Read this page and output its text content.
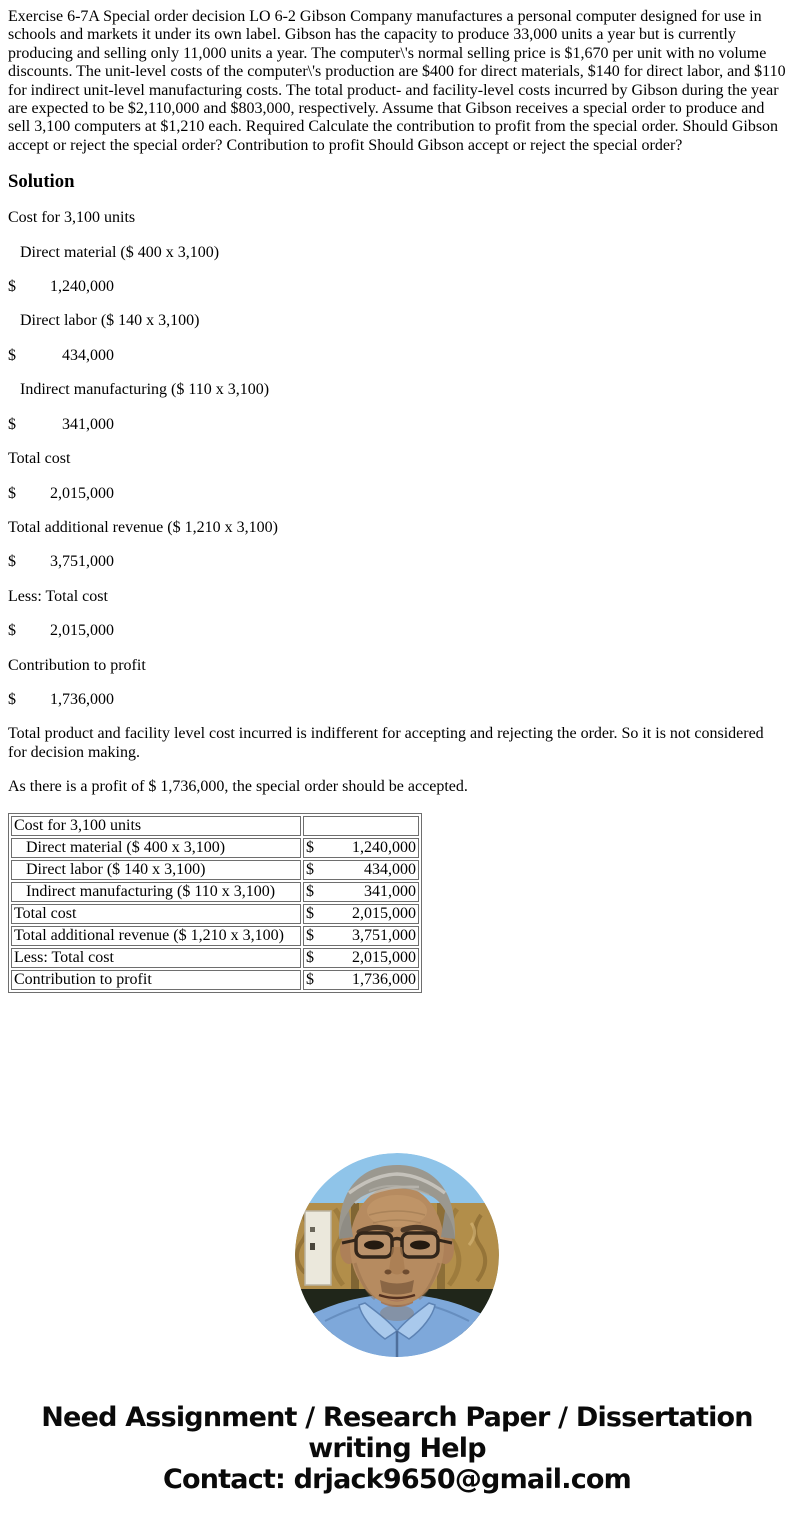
Exercise 6-7A Special order decision LO 6-2 Gibson Company manufactures a personal computer designed for use in schools and markets it under its own label. Gibson has the capacity to produce 33,000 units a year but is currently producing and selling only 11,000 units a year. The computer\'s normal selling price is $1,670 per unit with no volume discounts. The unit-level costs of the computer\'s production are $400 for direct materials, $140 for direct labor, and $110 for indirect unit-level manufacturing costs. The total product- and facility-level costs incurred by Gibson during the year are expected to be $2,110,000 and $803,000, respectively. Assume that Gibson receives a special order to produce and sell 3,100 computers at $1,210 each. Required Calculate the contribution to profit from the special order. Should Gibson accept or reject the special order? Contribution to profit Should Gibson accept or reject the special order?

Solution

Cost for 3,100 units

Direct material ($ 400 x 3,100)

$ 1,240,000

Direct labor ($ 140 x 3,100)

$	434,000

Indirect manufacturing ($ 110 x 3,100)

$	341,000

Total cost

$ 2,015,000

Total additional revenue ($ 1,210 x 3,100)

$ 3,751,000

Less: Total cost

$ 2,015,000

Contribution to profit

$ 1,736,000

Total product and facility level cost incurred is indifferent for accepting and rejecting the order. So it is not considered for decision making.

As there is a profit of $ 1,736,000, the special order should be accepted.

Cost for 3,100 units	

Direct material ($ 400 x 3,100)	$ 1,240,000

Direct labor ($ 140 x 3,100)	$ 434,000

Indirect manufacturing ($ 110 x 3,100)	$ 341,000

Total cost	$ 2,015,000

Total additional revenue ($ 1,210 x 3,100)	$ 3,751,000

Less: Total cost	$ 2,015,000

Contribution to profit	$ 1,736,000
Need Assignment / Research Paper / Dissertation
writing Help
Contact: drjack9650@gmail.com
